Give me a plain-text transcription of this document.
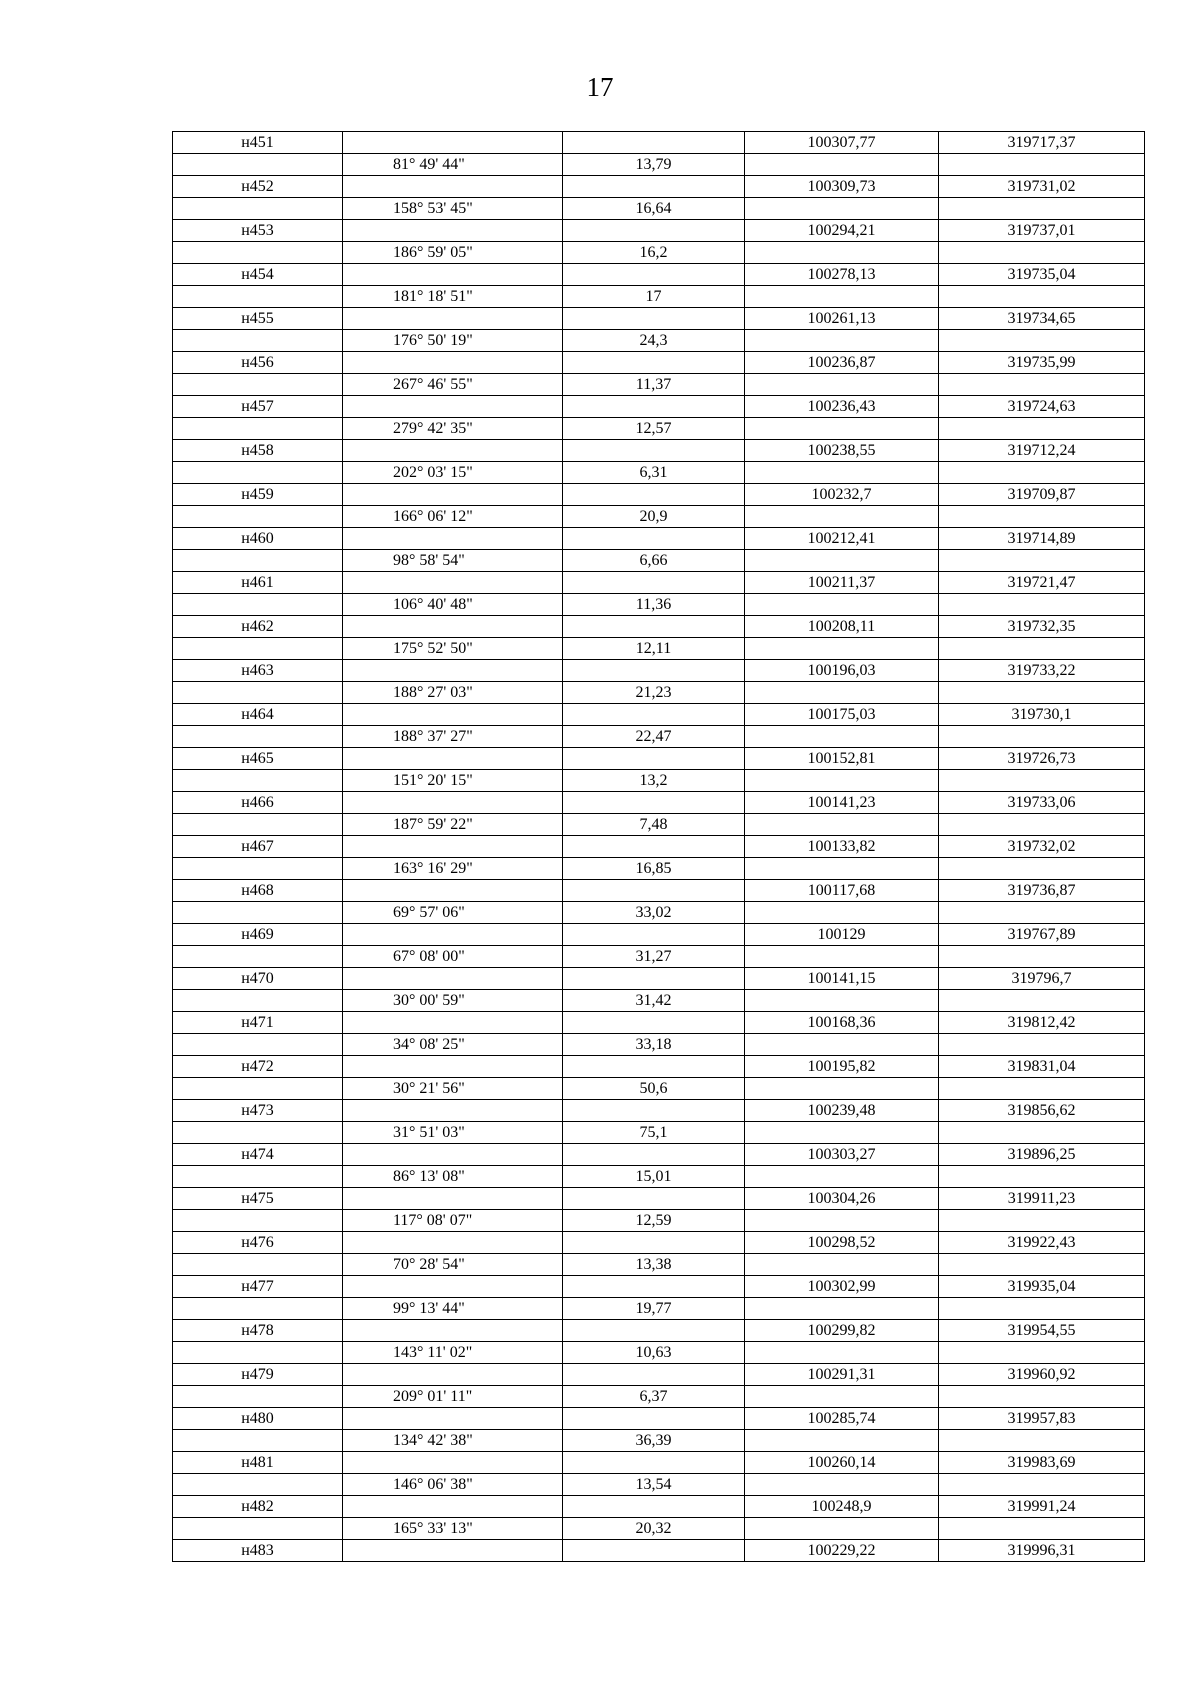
17
н451			100307,77	319717,37
	81° 49' 44"	13,79		
н452			100309,73	319731,02
	158° 53' 45"	16,64		
н453			100294,21	319737,01
	186° 59' 05"	16,2		
н454			100278,13	319735,04
	181° 18' 51"	17		
н455			100261,13	319734,65
	176° 50' 19"	24,3		
н456			100236,87	319735,99
	267° 46' 55"	11,37		
н457			100236,43	319724,63
	279° 42' 35"	12,57		
н458			100238,55	319712,24
	202° 03' 15"	6,31		
н459			100232,7	319709,87
	166° 06' 12"	20,9		
н460			100212,41	319714,89
	98° 58' 54"	6,66		
н461			100211,37	319721,47
	106° 40' 48"	11,36		
н462			100208,11	319732,35
	175° 52' 50"	12,11		
н463			100196,03	319733,22
	188° 27' 03"	21,23		
н464			100175,03	319730,1
	188° 37' 27"	22,47		
н465			100152,81	319726,73
	151° 20' 15"	13,2		
н466			100141,23	319733,06
	187° 59' 22"	7,48		
н467			100133,82	319732,02
	163° 16' 29"	16,85		
н468			100117,68	319736,87
	69° 57' 06"	33,02		
н469			100129	319767,89
	67° 08' 00"	31,27		
н470			100141,15	319796,7
	30° 00' 59"	31,42		
н471			100168,36	319812,42
	34° 08' 25"	33,18		
н472			100195,82	319831,04
	30° 21' 56"	50,6		
н473			100239,48	319856,62
	31° 51' 03"	75,1		
н474			100303,27	319896,25
	86° 13' 08"	15,01		
н475			100304,26	319911,23
	117° 08' 07"	12,59		
н476			100298,52	319922,43
	70° 28' 54"	13,38		
н477			100302,99	319935,04
	99° 13' 44"	19,77		
н478			100299,82	319954,55
	143° 11' 02"	10,63		
н479			100291,31	319960,92
	209° 01' 11"	6,37		
н480			100285,74	319957,83
	134° 42' 38"	36,39		
н481			100260,14	319983,69
	146° 06' 38"	13,54		
н482			100248,9	319991,24
	165° 33' 13"	20,32		
н483			100229,22	319996,31
